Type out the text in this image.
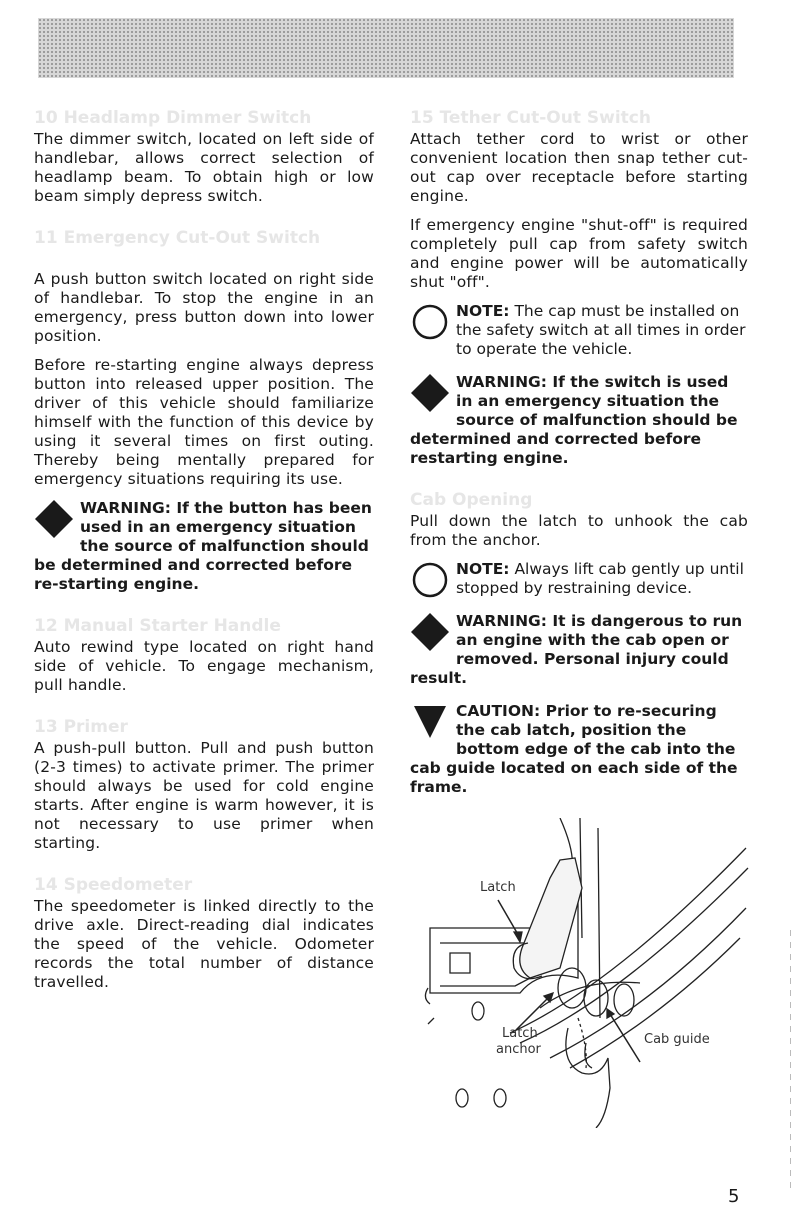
10 Headlamp Dimmer Switch

The dimmer switch, located on left side of handlebar, allows correct selection of headlamp beam. To obtain high or low beam simply depress switch.

11 Emergency Cut-Out Switch

A push button switch located on right side of handlebar. To stop the engine in an emergency, press button down into lower position.

Before re-starting engine always depress button into released upper position. The driver of this vehicle should familiarize himself with the function of this device by using it several times on first outing. Thereby being mentally prepared for emergency situations requiring its use.

WARNING: If the button has been used in an emergency situation the source of malfunction should be determined and corrected before re-starting engine.
12 Manual Starter Handle

Auto rewind type located on right hand side of vehicle. To engage mechanism, pull handle.

13 Primer

A push-pull button. Pull and push button (2-3 times) to activate primer. The primer should always be used for cold engine starts. After engine is warm however, it is not necessary to use primer when starting.

14 Speedometer

The speedometer is linked directly to the drive axle. Direct-reading dial indicates the speed of the vehicle. Odometer records the total number of distance travelled.

15 Tether Cut-Out Switch

Attach tether cord to wrist or other convenient location then snap tether cut-out cap over receptacle before starting engine.

If emergency engine "shut-off" is required completely pull cap from safety switch and engine power will be automatically shut "off".

NOTE: The cap must be installed on the safety switch at all times in order to operate the vehicle.
WARNING: If the switch is used in an emergency situation the source of malfunction should be determined and corrected before restarting engine.
Cab Opening

Pull down the latch to unhook the cab from the anchor.

NOTE: Always lift cab gently up until stopped by restraining device.
WARNING: It is dangerous to run an engine with the cab open or removed. Personal injury could result.
CAUTION: Prior to re-securing the cab latch, position the bottom edge of the cab into the cab guide located on each side of the frame.
Latch
Latch
anchor
Cab guide
5
